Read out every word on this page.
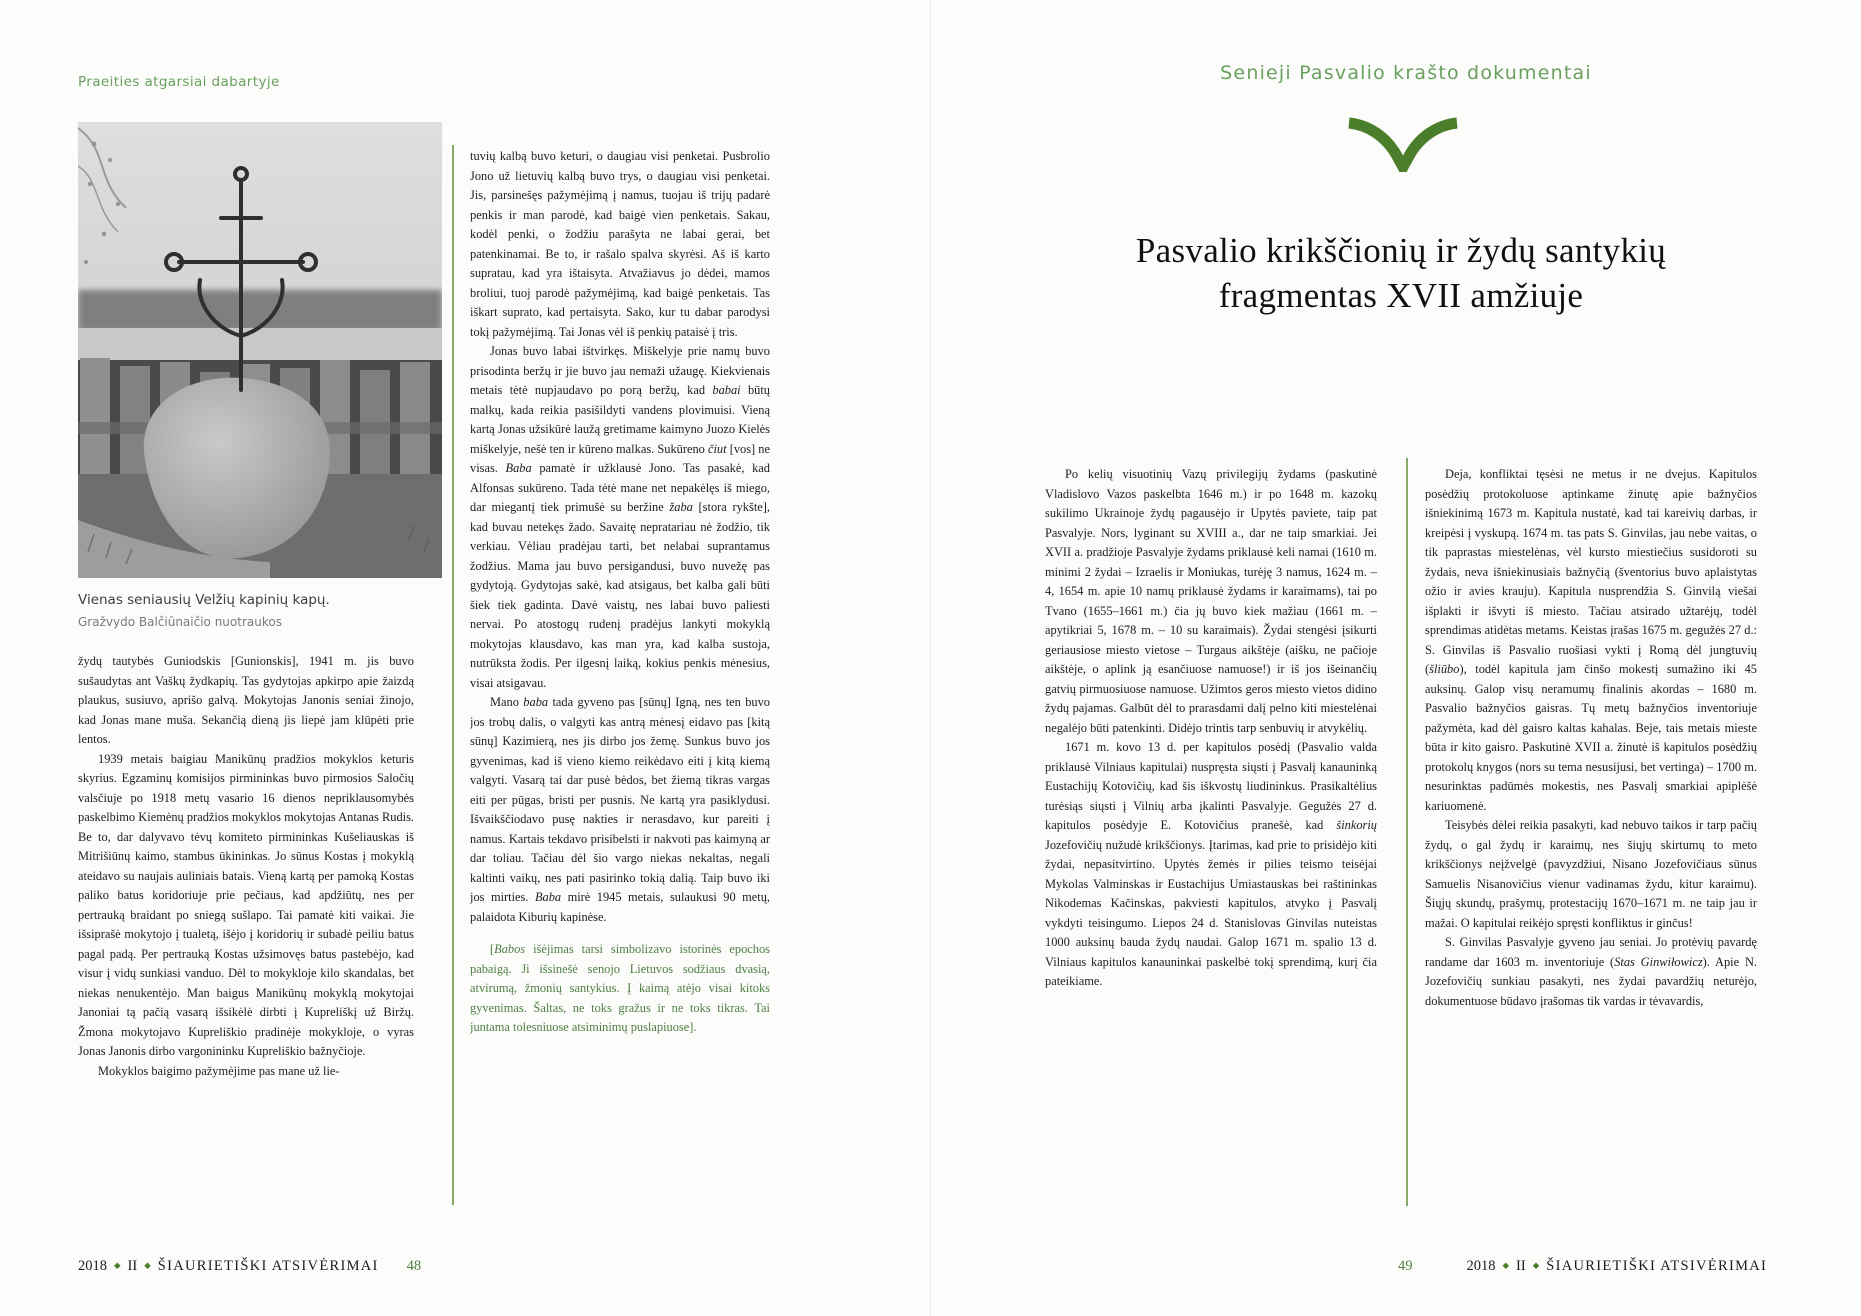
Praeities atgarsiai dabartyje
Vienas seniausių Velžių kapinių kapų.
Gražvydo Balčiūnaičio nuotraukos

žydų tautybės Guniodskis [Gunionskis], 1941 m. jis buvo sušaudytas ant Vaškų žydkapių. Tas gydytojas apkirpo apie žaizdą plaukus, susiuvo, aprišo galvą. Mokytojas Janonis seniai žinojo, kad Jonas mane muša. Sekančią dieną jis liepė jam klūpėti prie lentos.

1939 metais baigiau Manikūnų pradžios mokyklos keturis skyrius. Egzaminų komisijos pirmininkas buvo pirmosios Saločių valsčiuje po 1918 metų vasario 16 dienos nepriklausomybės paskelbimo Kiemėnų pradžios mokyklos mokytojas Antanas Rudis. Be to, dar dalyvavo tėvų komiteto pirmininkas Kušeliauskas iš Mitrišiūnų kaimo, stambus ūkininkas. Jo sūnus Kostas į mokyklą ateidavo su naujais auliniais batais. Vieną kartą per pamoką Kostas paliko batus koridoriuje prie pečiaus, kad apdžiūtų, nes per pertrauką braidant po sniegą sušlapo. Tai pamatė kiti vaikai. Jie išsiprašė mokytojo į tualetą, išėjo į koridorių ir subadė peiliu batus pagal padą. Per pertrauką Kostas užsimovęs batus pastebėjo, kad visur į vidų sunkiasi vanduo. Dėl to mokykloje kilo skandalas, bet niekas nenukentėjo. Man baigus Manikūnų mokyklą mokytojai Janoniai tą pačią vasarą išsikėlė dirbti į Kupreliškį už Biržų. Žmona mokytojavo Kupreliškio pradinėje mokykloje, o vyras Jonas Janonis dirbo vargonininku Kupreliškio bažnyčioje.

Mokyklos baigimo pažymėjime pas mane už lie-

tuvių kalbą buvo keturi, o daugiau visi penketai. Pusbrolio Jono už lietuvių kalbą buvo trys, o daugiau visi penketai. Jis, parsinešęs pažymėjimą į namus, tuojau iš trijų padarė penkis ir man parodė, kad baigė vien penketais. Sakau, kodėl penki, o žodžiu parašyta ne labai gerai, bet patenkinamai. Be to, ir rašalo spalva skyrėsi. Aš iš karto supratau, kad yra ištaisyta. Atvažiavus jo dėdei, mamos broliui, tuoj parodė pažymėjimą, kad baigė penketais. Tas iškart suprato, kad pertaisyta. Sako, kur tu dabar parodysi tokį pažymėjimą. Tai Jonas vėl iš penkių pataisė į tris.

Jonas buvo labai ištvirkęs. Miškelyje prie namų buvo prisodinta beržų ir jie buvo jau nemaži užaugę. Kiekvienais metais tėtė nupjaudavo po porą beržų, kad babai būtų malkų, kada reikia pasišildyti vandens plovimuisi. Vieną kartą Jonas užsikūrė laužą gretimame kaimyno Juozo Kielės miškelyje, nešė ten ir kūreno malkas. Sukūreno čiut [vos] ne visas. Baba pamatė ir užklausė Jono. Tas pasakė, kad Alfonsas sukūreno. Tada tėtė mane net nepakėlęs iš miego, dar miegantį tiek primušė su beržine žaba [stora rykšte], kad buvau netekęs žado. Savaitę nepratariau nė žodžio, tik verkiau. Vėliau pradėjau tarti, bet nelabai suprantamus žodžius. Mama jau buvo persigandusi, buvo nuvežę pas gydytoją. Gydytojas sakė, kad atsigaus, bet kalba gali būti šiek tiek gadinta. Davė vaistų, nes labai buvo paliesti nervai. Po atostogų rudenį pradėjus lankyti mokyklą mokytojas klausdavo, kas man yra, kad kalba sustoja, nutrūksta žodis. Per ilgesnį laiką, kokius penkis mėnesius, visai atsigavau.

Mano baba tada gyveno pas [sūnų] Igną, nes ten buvo jos trobų dalis, o valgyti kas antrą mėnesį eidavo pas [kitą sūnų] Kazimierą, nes jis dirbo jos žemę. Sunkus buvo jos gyvenimas, kad iš vieno kiemo reikėdavo eiti į kitą kiemą valgyti. Vasarą tai dar pusė bėdos, bet žiemą tikras vargas eiti per pūgas, bristi per pusnis. Ne kartą yra pasiklydusi. Išvaikščiodavo pusę nakties ir nerasdavo, kur pareiti į namus. Kartais tekdavo prisibelsti ir nakvoti pas kaimyną ar dar toliau. Tačiau dėl šio vargo niekas nekaltas, negali kaltinti vaikų, nes pati pasirinko tokią dalią. Taip buvo iki jos mirties. Baba mirė 1945 metais, sulaukusi 90 metų, palaidota Kiburių kapinėse.

[Babos išėjimas tarsi simbolizavo istorinės epochos pabaigą. Ji išsinešė senojo Lietuvos sodžiaus dvasią, atvirumą, žmonių santykius. Į kaimą atėjo visai kitoks gyvenimas. Šaltas, ne toks gražus ir ne toks tikras. Tai juntama tolesniuose atsiminimų puslapiuose].

2018 ◆ II ◆ ŠIAURIETIŠKI ATSIVĖRIMAI 48
Senieji Pasvalio krašto dokumentai
Pasvalio krikščionių ir žydų santykių
fragmentas XVII amžiuje

Po kelių visuotinių Vazų privilegijų žydams (paskutinė Vladislovo Vazos paskelbta 1646 m.) ir po 1648 m. kazokų sukilimo Ukrainoje žydų pagausėjo ir Upytės paviete, taip pat Pasvalyje. Nors, lyginant su XVIII a., dar ne taip smarkiai. Jei XVII a. pradžioje Pasvalyje žydams priklausė keli namai (1610 m. minimi 2 žydai – Izraelis ir Moniukas, turėję 3 namus, 1624 m. – 4, 1654 m. apie 10 namų priklausė žydams ir karaimams), tai po Tvano (1655–1661 m.) čia jų buvo kiek mažiau (1661 m. – apytikriai 5, 1678 m. – 10 su karaimais). Žydai stengėsi įsikurti geriausiose miesto vietose – Turgaus aikštėje (aišku, ne pačioje aikštėje, o aplink ją esančiuose namuose!) ir iš jos išeinančių gatvių pirmuosiuose namuose. Užimtos geros miesto vietos didino žydų pajamas. Galbūt dėl to prarasdami dalį pelno kiti miestelėnai negalėjo būti patenkinti. Didėjo trintis tarp senbuvių ir atvykėlių.

1671 m. kovo 13 d. per kapitulos posėdį (Pasvalio valda priklausė Vilniaus kapitulai) nuspręsta siųsti į Pasvalį kanauninką Eustachijų Kotovičių, kad šis iškvostų liudininkus. Prasikaltėlius turėsiąs siųsti į Vilnių arba įkalinti Pasvalyje. Gegužės 27 d. kapitulos posėdyje E. Kotovičius pranešė, kad šinkorių Jozefovičių nužudė krikščionys. Įtarimas, kad prie to prisidėjo kiti žydai, nepasitvirtino. Upytės žemės ir pilies teismo teisėjai Mykolas Valminskas ir Eustachijus Umiastauskas bei raštininkas Nikodemas Kačinskas, pakviesti kapitulos, atvyko į Pasvalį vykdyti teisingumo. Liepos 24 d. Stanislovas Ginvilas nuteistas 1000 auksinų bauda žydų naudai. Galop 1671 m. spalio 13 d. Vilniaus kapitulos kanauninkai paskelbė tokį sprendimą, kurį čia pateikiame.

Deja, konfliktai tęsėsi ne metus ir ne dvejus. Kapitulos posėdžių protokoluose aptinkame žinutę apie bažnyčios išniekinimą 1673 m. Kapitula nustatė, kad tai kareivių darbas, ir kreipėsi į vyskupą. 1674 m. tas pats S. Ginvilas, jau nebe vaitas, o tik paprastas miestelėnas, vėl kursto miestiečius susidoroti su žydais, neva išniekinusiais bažnyčią (šventorius buvo aplaistytas ožio ir avies krauju). Kapitula nusprendžia S. Ginvilą viešai išplakti ir išvyti iš miesto. Tačiau atsirado užtarėjų, todėl sprendimas atidėtas metams. Keistas įrašas 1675 m. gegužės 27 d.: S. Ginvilas iš Pasvalio ruošiasi vykti į Romą dėl jungtuvių (šliūbo), todėl kapitula jam činšo mokestį sumažino iki 45 auksinų. Galop visų neramumų finalinis akordas – 1680 m. Pasvalio bažnyčios gaisras. Tų metų bažnyčios inventoriuje pažymėta, kad dėl gaisro kaltas kahalas. Beje, tais metais mieste būta ir kito gaisro. Paskutinė XVII a. žinutė iš kapitulos posėdžių protokolų knygos (nors su tema nesusijusi, bet vertinga) – 1700 m. nesurinktas padūmės mokestis, nes Pasvalį smarkiai apiplėšė kariuomenė.

Teisybės dėlei reikia pasakyti, kad nebuvo taikos ir tarp pačių žydų, o gal žydų ir karaimų, nes šiųjų skirtumų to meto krikščionys neįžvelgė (pavyzdžiui, Nisano Jozefovičiaus sūnus Samuelis Nisanovičius vienur vadinamas žydu, kitur karaimu). Šiųjų skundų, prašymų, protestacijų 1670–1671 m. ne taip jau ir mažai. O kapitulai reikėjo spręsti konfliktus ir ginčus!

S. Ginvilas Pasvalyje gyveno jau seniai. Jo protėvių pavardę randame dar 1603 m. inventoriuje (Stas Ginwiłowicz). Apie N. Jozefovičių sunkiau pasakyti, nes žydai pavardžių neturėjo, dokumentuose būdavo įrašomas tik vardas ir tėvavardis,

49	2018 ◆ II ◆ ŠIAURIETIŠKI ATSIVĖRIMAI
